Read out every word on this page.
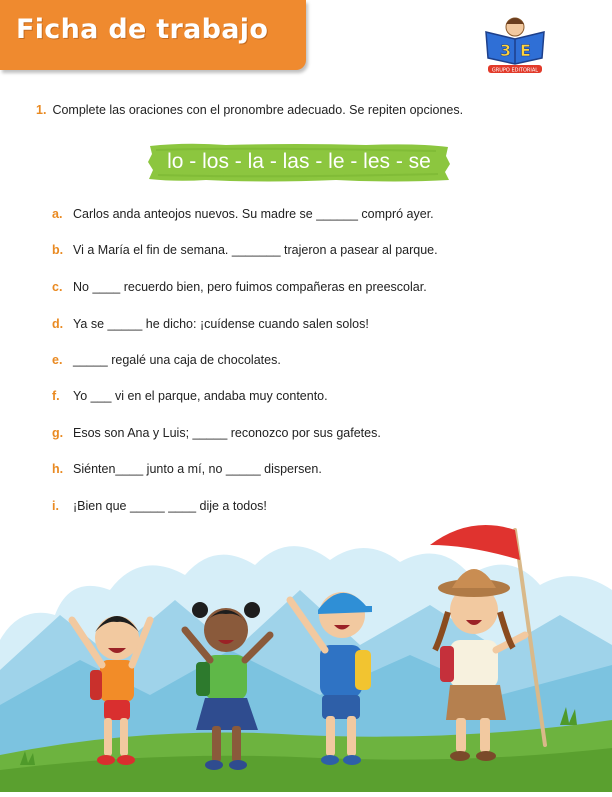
Ficha de trabajo
3 E
GRUPO EDITORIAL
1. Complete las oraciones con el pronombre adecuado. Se repiten opciones.
lo - los - la - las - le - les - se
a. Carlos anda anteojos nuevos. Su madre se ______ compró ayer.
b. Vi a María el fin de semana. _______ trajeron a pasear al parque.
c. No ____ recuerdo bien, pero fuimos compañeras en preescolar.
d. Ya se _____ he dicho: ¡cuídense cuando salen solos!
e. _____ regalé una caja de chocolates.
f. Yo ___ vi en el parque, andaba muy contento.
g. Esos son Ana y Luis; _____ reconozco por sus gafetes.
h. Siénten____ junto a mí, no _____ dispersen.
i. ¡Bien que _____ ____ dije a todos!
